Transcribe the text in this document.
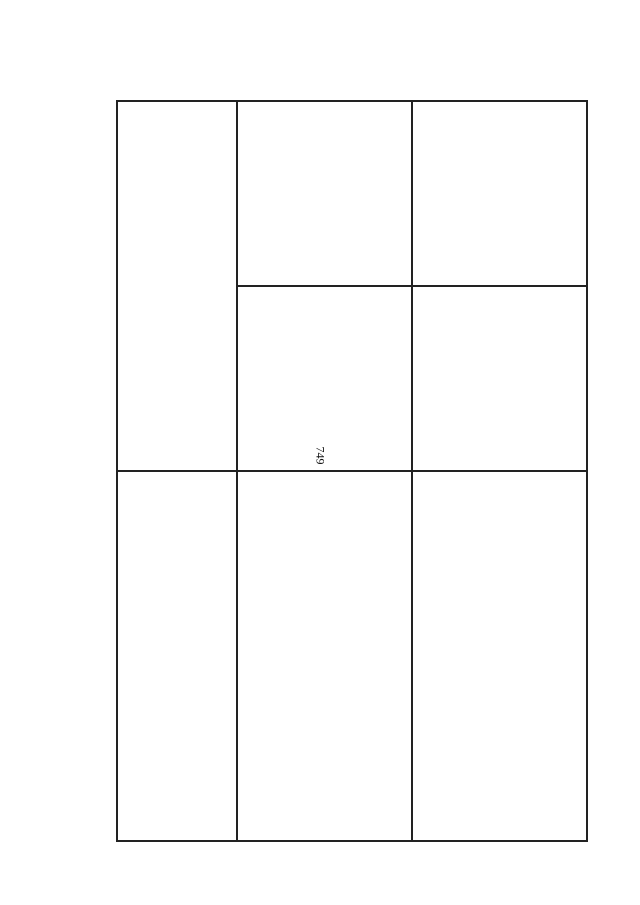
749
